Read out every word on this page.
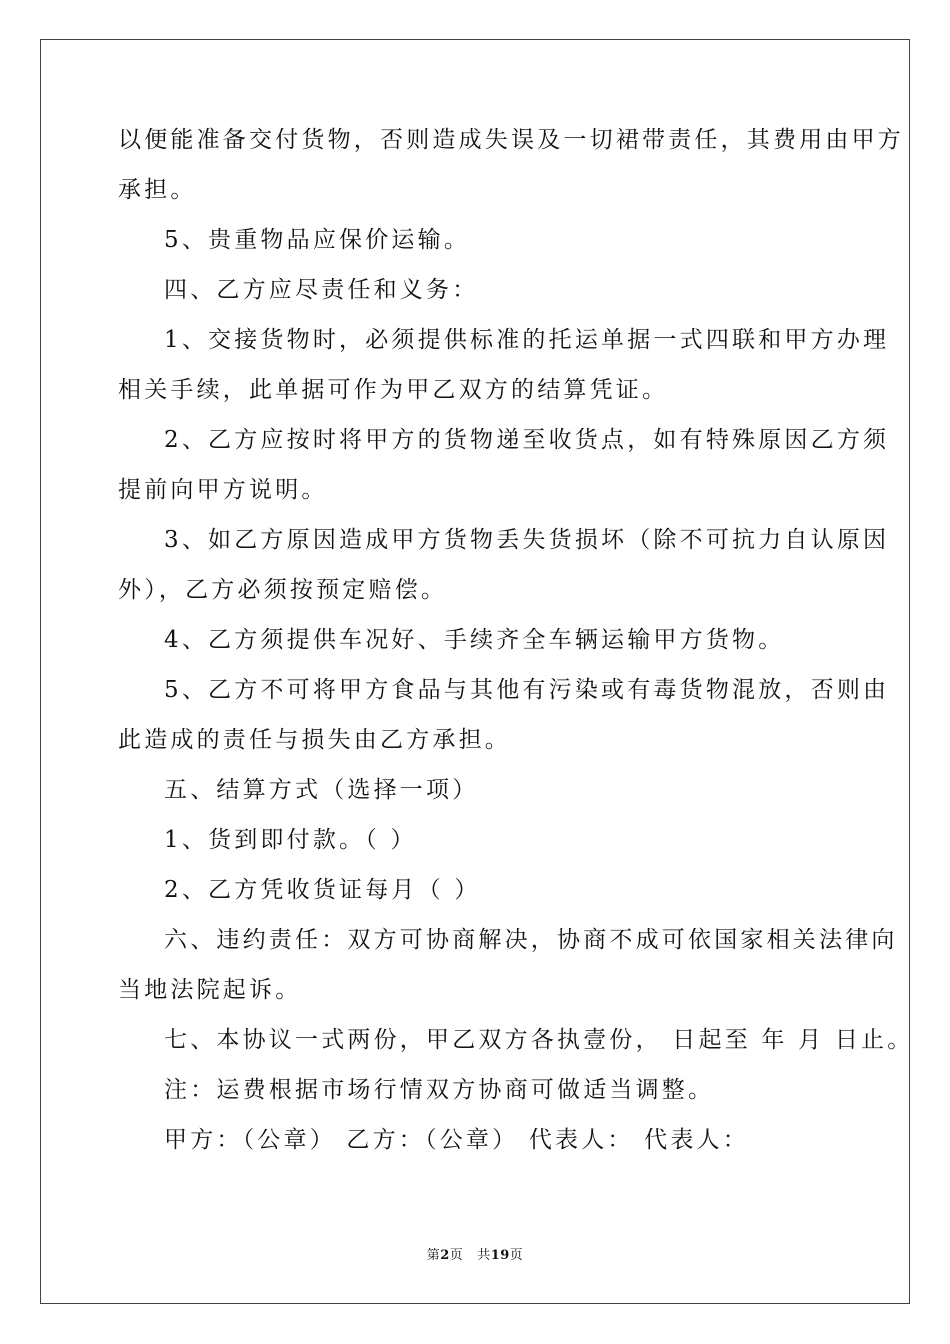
以便能准备交付货物，否则造成失误及一切裙带责任，其费用由甲方

承担。

5、贵重物品应保价运输。

四、乙方应尽责任和义务：

1、交接货物时，必须提供标准的托运单据一式四联和甲方办理

相关手续，此单据可作为甲乙双方的结算凭证。

2、乙方应按时将甲方的货物递至收货点，如有特殊原因乙方须

提前向甲方说明。

3、如乙方原因造成甲方货物丢失货损坏（除不可抗力自认原因

外），乙方必须按预定赔偿。

4、乙方须提供车况好、手续齐全车辆运输甲方货物。

5、乙方不可将甲方食品与其他有污染或有毒货物混放，否则由

此造成的责任与损失由乙方承担。

五、结算方式（选择一项）

1、货到即付款。（ ）

2、乙方凭收货证每月（ ）

六、违约责任：双方可协商解决，协商不成可依国家相关法律向

当地法院起诉。

七、本协议一式两份，甲乙双方各执壹份， 日起至 年 月 日止。

注：运费根据市场行情双方协商可做适当调整。

甲方：（公章） 乙方：（公章） 代表人： 代表人：

第2页 共19页
